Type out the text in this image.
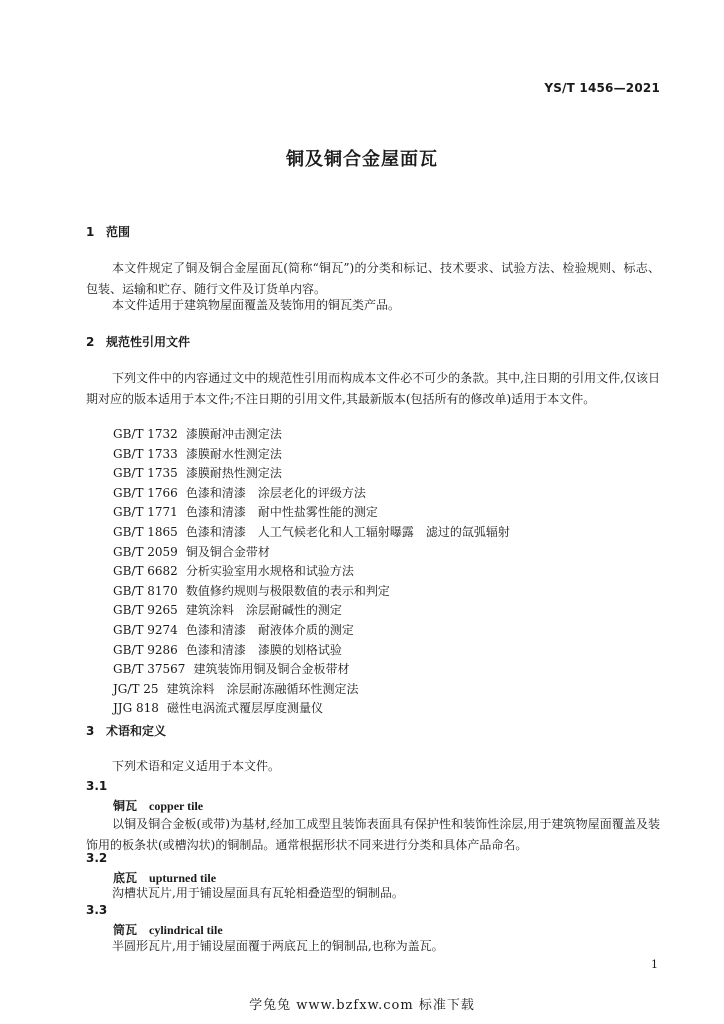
YS/T 1456—2021
铜及铜合金屋面瓦
1 范围
本文件规定了铜及铜合金屋面瓦(简称“铜瓦”)的分类和标记、技术要求、试验方法、检验规则、标志、包装、运输和贮存、随行文件及订货单内容。
本文件适用于建筑物屋面覆盖及装饰用的铜瓦类产品。
2 规范性引用文件
下列文件中的内容通过文中的规范性引用而构成本文件必不可少的条款。其中,注日期的引用文件,仅该日期对应的版本适用于本文件;不注日期的引用文件,其最新版本(包括所有的修改单)适用于本文件。
GB/T 1732 漆膜耐冲击测定法
GB/T 1733 漆膜耐水性测定法
GB/T 1735 漆膜耐热性测定法
GB/T 1766 色漆和清漆　涂层老化的评级方法
GB/T 1771 色漆和清漆　耐中性盐雾性能的测定
GB/T 1865 色漆和清漆　人工气候老化和人工辐射曝露　滤过的氙弧辐射
GB/T 2059 铜及铜合金带材
GB/T 6682 分析实验室用水规格和试验方法
GB/T 8170 数值修约规则与极限数值的表示和判定
GB/T 9265 建筑涂料　涂层耐碱性的测定
GB/T 9274 色漆和清漆　耐液体介质的测定
GB/T 9286 色漆和清漆　漆膜的划格试验
GB/T 37567 建筑装饰用铜及铜合金板带材
JG/T 25 建筑涂料　涂层耐冻融循环性测定法
JJG 818 磁性电涡流式覆层厚度测量仪
3 术语和定义
下列术语和定义适用于本文件。
3.1
铜瓦 copper tile
以铜及铜合金板(或带)为基材,经加工成型且装饰表面具有保护性和装饰性涂层,用于建筑物屋面覆盖及装饰用的板条状(或槽沟状)的铜制品。通常根据形状不同来进行分类和具体产品命名。
3.2
底瓦 upturned tile
沟槽状瓦片,用于铺设屋面具有瓦轮相叠造型的铜制品。
3.3
筒瓦 cylindrical tile
半圆形瓦片,用于铺设屋面覆于两底瓦上的铜制品,也称为盖瓦。
1
学兔兔 www.bzfxw.com 标准下载
